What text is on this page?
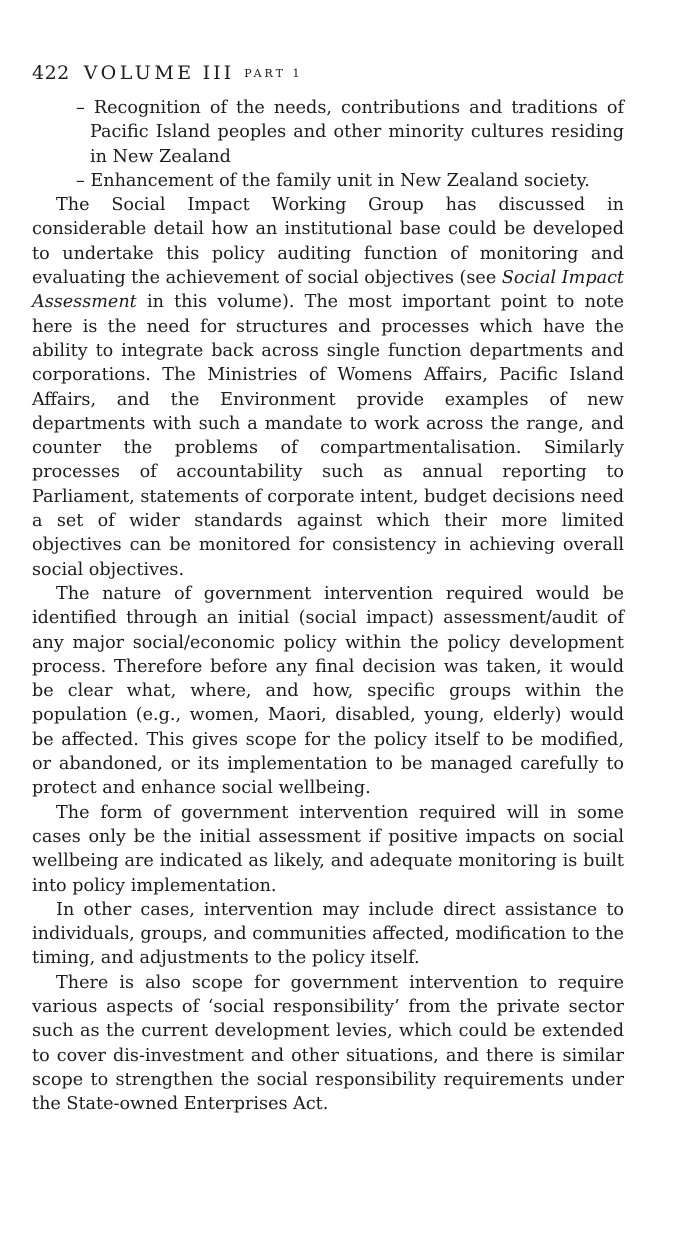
422 VOLUME III PART 1

– Recognition of the needs, contributions and traditions of Pacific Island peoples and other minority cultures residing in New Zealand

– Enhancement of the family unit in New Zealand society.

The Social Impact Working Group has discussed in considerable detail how an institutional base could be developed to undertake this policy auditing function of monitoring and evaluating the achievement of social objectives (see Social Impact Assessment in this volume). The most important point to note here is the need for structures and processes which have the ability to integrate back across single function departments and corporations. The Ministries of Womens Affairs, Pacific Island Affairs, and the Environment provide examples of new departments with such a mandate to work across the range, and counter the problems of compartmentalisation. Similarly processes of accountability such as annual reporting to Parliament, statements of corporate intent, budget decisions need a set of wider standards against which their more limited objectives can be monitored for consistency in achieving overall social objectives.

The nature of government intervention required would be identified through an initial (social impact) assessment/audit of any major social/economic policy within the policy development process. Therefore before any final decision was taken, it would be clear what, where, and how, specific groups within the population (e.g., women, Maori, disabled, young, elderly) would be affected. This gives scope for the policy itself to be modified, or abandoned, or its implementation to be managed carefully to protect and enhance social wellbeing.

The form of government intervention required will in some cases only be the initial assessment if positive impacts on social wellbeing are indicated as likely, and adequate monitoring is built into policy implementation.

In other cases, intervention may include direct assistance to individuals, groups, and communities affected, modification to the timing, and adjustments to the policy itself.

There is also scope for government intervention to require various aspects of ‘social responsibility’ from the private sector such as the current development levies, which could be extended to cover dis-investment and other situations, and there is similar scope to strengthen the social responsibility requirements under the State-owned Enterprises Act.
